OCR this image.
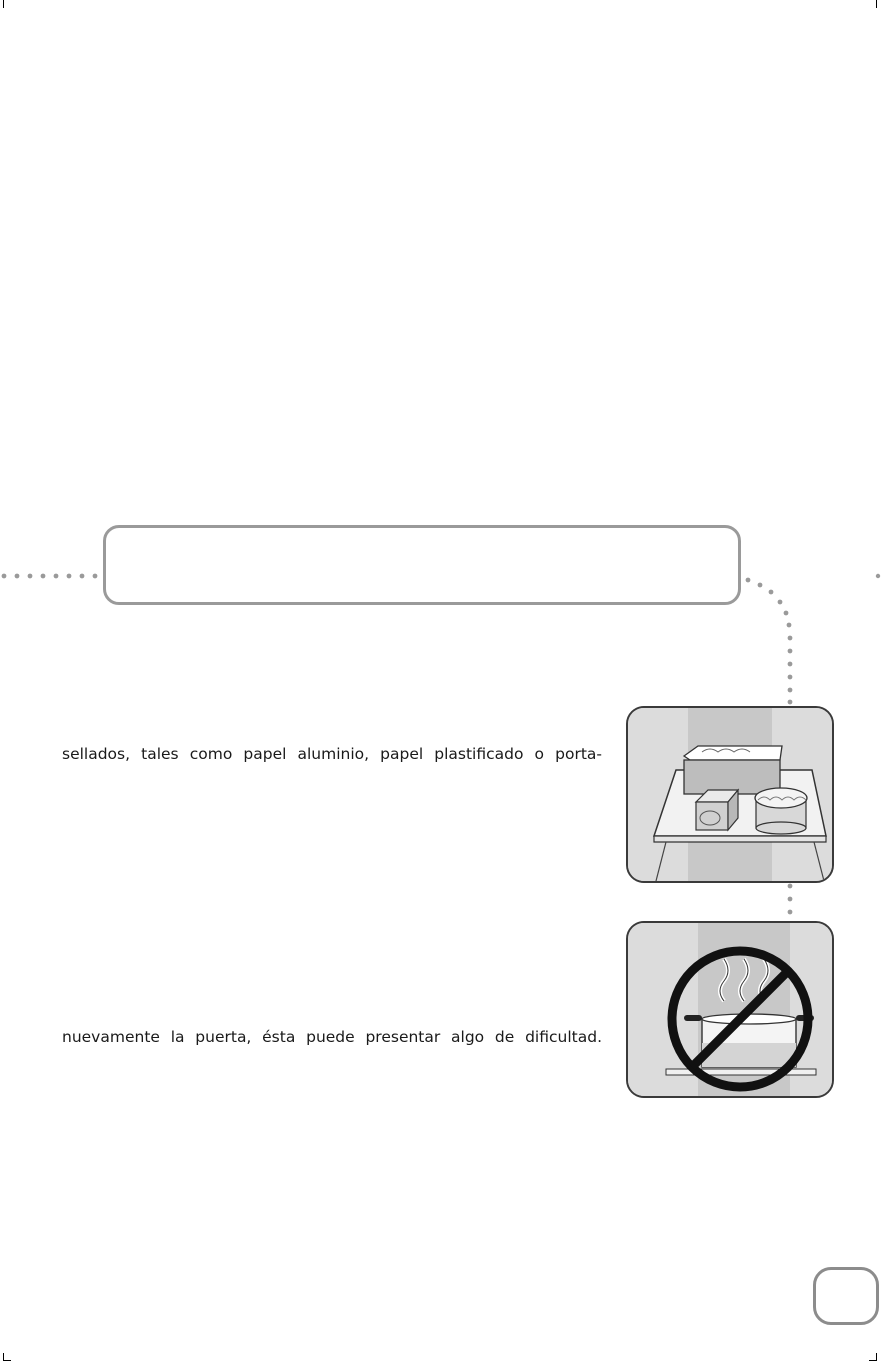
sellados, tales como papel aluminio, papel plastificado o porta-
nuevamente la puerta, ésta puede presentar algo de dificultad.
